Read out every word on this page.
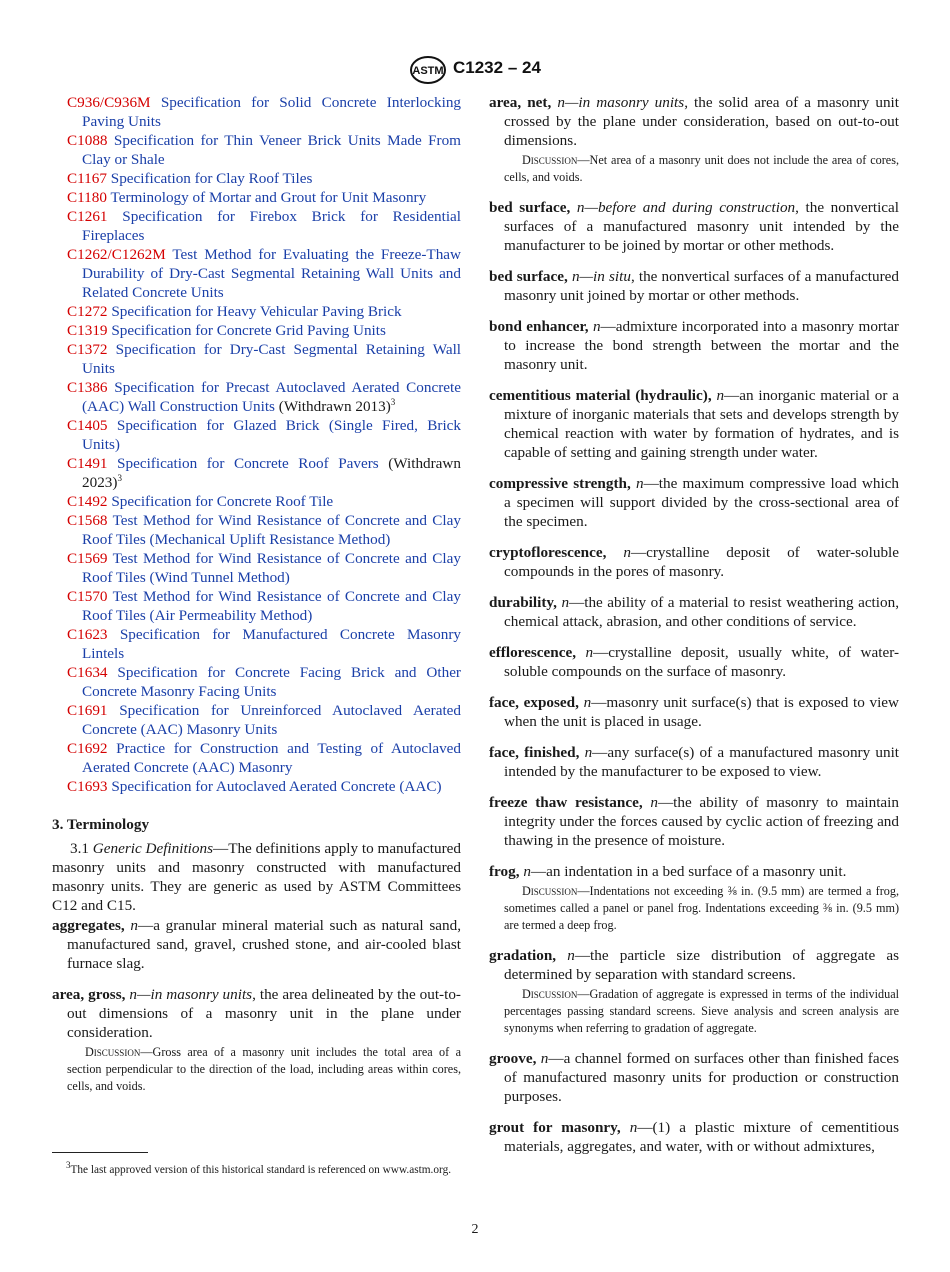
ASTM C1232 – 24

C936/C936M Specification for Solid Concrete Interlocking Paving Units

C1088 Specification for Thin Veneer Brick Units Made From Clay or Shale

C1167 Specification for Clay Roof Tiles

C1180 Terminology of Mortar and Grout for Unit Masonry

C1261 Specification for Firebox Brick for Residential Fireplaces

C1262/C1262M Test Method for Evaluating the Freeze-Thaw Durability of Dry-Cast Segmental Retaining Wall Units and Related Concrete Units

C1272 Specification for Heavy Vehicular Paving Brick

C1319 Specification for Concrete Grid Paving Units

C1372 Specification for Dry-Cast Segmental Retaining Wall Units

C1386 Specification for Precast Autoclaved Aerated Concrete (AAC) Wall Construction Units (Withdrawn 2013)$^3$

C1405 Specification for Glazed Brick (Single Fired, Brick Units)

C1491 Specification for Concrete Roof Pavers (Withdrawn 2023)$^3$

C1492 Specification for Concrete Roof Tile

C1568 Test Method for Wind Resistance of Concrete and Clay Roof Tiles (Mechanical Uplift Resistance Method)

C1569 Test Method for Wind Resistance of Concrete and Clay Roof Tiles (Wind Tunnel Method)

C1570 Test Method for Wind Resistance of Concrete and Clay Roof Tiles (Air Permeability Method)

C1623 Specification for Manufactured Concrete Masonry Lintels

C1634 Specification for Concrete Facing Brick and Other Concrete Masonry Facing Units

C1691 Specification for Unreinforced Autoclaved Aerated Concrete (AAC) Masonry Units

C1692 Practice for Construction and Testing of Autoclaved Aerated Concrete (AAC) Masonry

C1693 Specification for Autoclaved Aerated Concrete (AAC)

3. Terminology

3.1 Generic Definitions—The definitions apply to manufactured masonry units and masonry constructed with manufactured masonry units. They are generic as used by ASTM Committees C12 and C15.

aggregates, n—a granular mineral material such as natural sand, manufactured sand, gravel, crushed stone, and air-cooled blast furnace slag.

area, gross, n—in masonry units, the area delineated by the out-to-out dimensions of a masonry unit in the plane under consideration.

Discussion—Gross area of a masonry unit includes the total area of a section perpendicular to the direction of the load, including areas within cores, cells, and voids.

area, net, n—in masonry units, the solid area of a masonry unit crossed by the plane under consideration, based on out-to-out dimensions.

Discussion—Net area of a masonry unit does not include the area of cores, cells, and voids.

bed surface, n—before and during construction, the nonvertical surfaces of a manufactured masonry unit intended by the manufacturer to be joined by mortar or other methods.

bed surface, n—in situ, the nonvertical surfaces of a manufactured masonry unit joined by mortar or other methods.

bond enhancer, n—admixture incorporated into a masonry mortar to increase the bond strength between the mortar and the masonry unit.

cementitious material (hydraulic), n—an inorganic material or a mixture of inorganic materials that sets and develops strength by chemical reaction with water by formation of hydrates, and is capable of setting and gaining strength under water.

compressive strength, n—the maximum compressive load which a specimen will support divided by the cross-sectional area of the specimen.

cryptoflorescence, n—crystalline deposit of water-soluble compounds in the pores of masonry.

durability, n—the ability of a material to resist weathering action, chemical attack, abrasion, and other conditions of service.

efflorescence, n—crystalline deposit, usually white, of water-soluble compounds on the surface of masonry.

face, exposed, n—masonry unit surface(s) that is exposed to view when the unit is placed in usage.

face, finished, n—any surface(s) of a manufactured masonry unit intended by the manufacturer to be exposed to view.

freeze thaw resistance, n—the ability of masonry to maintain integrity under the forces caused by cyclic action of freezing and thawing in the presence of moisture.

frog, n—an indentation in a bed surface of a masonry unit.

Discussion—Indentations not exceeding ⅜ in. (9.5 mm) are termed a frog, sometimes called a panel or panel frog. Indentations exceeding ⅜ in. (9.5 mm) are termed a deep frog.

gradation, n—the particle size distribution of aggregate as determined by separation with standard screens.

Discussion—Gradation of aggregate is expressed in terms of the individual percentages passing standard screens. Sieve analysis and screen analysis are synonyms when referring to gradation of aggregate.

groove, n—a channel formed on surfaces other than finished faces of manufactured masonry units for production or construction purposes.

grout for masonry, n—(1) a plastic mixture of cementitious materials, aggregates, and water, with or without admixtures,

$^3$The last approved version of this historical standard is referenced on www.astm.org.
2
